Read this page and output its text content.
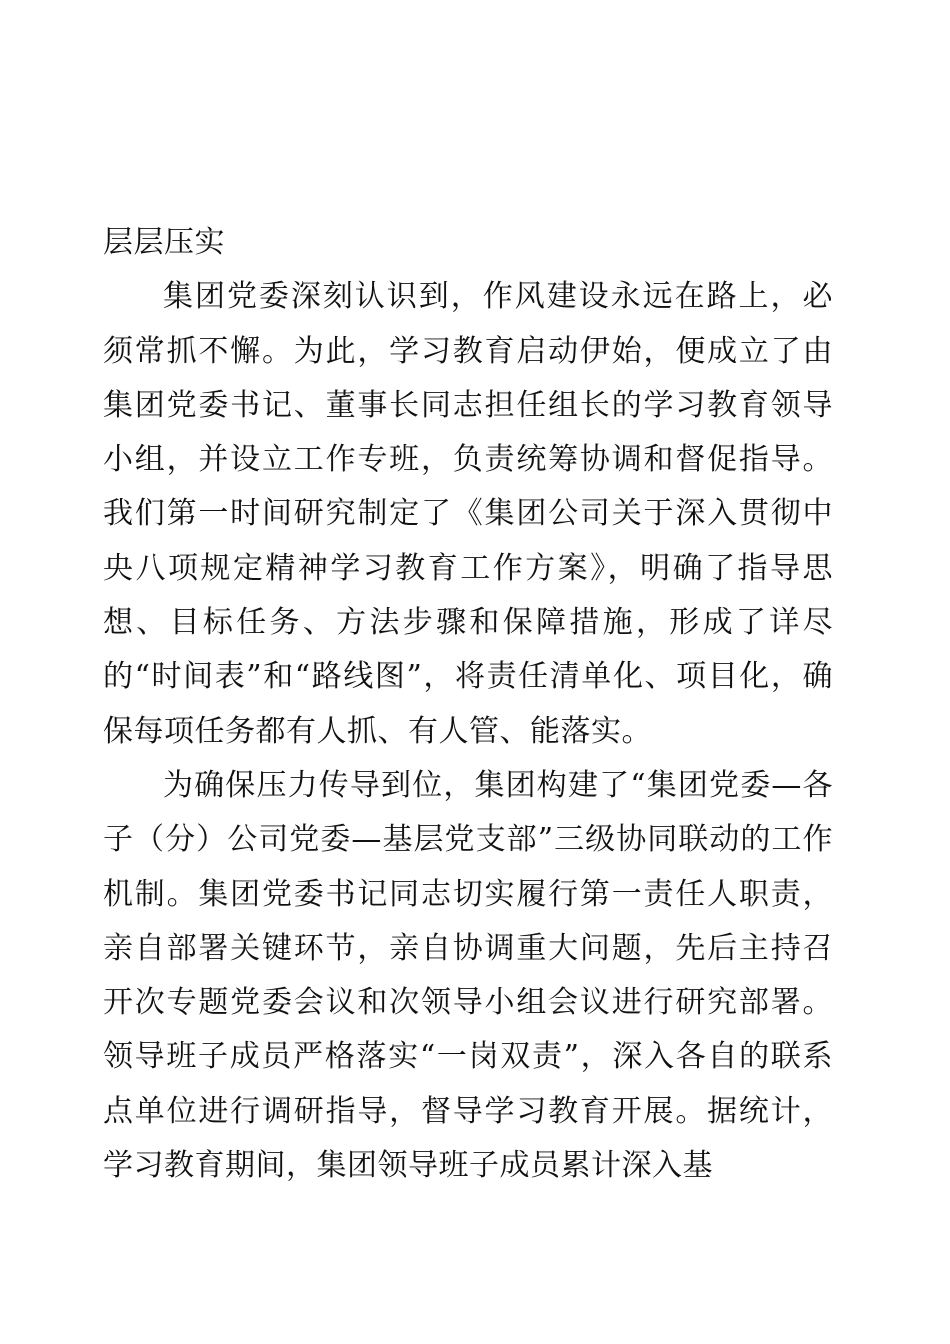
层层压实

集团党委深刻认识到，作风建设永远在路上，必须常抓不懈。为此，学习教育启动伊始，便成立了由集团党委书记、董事长同志担任组长的学习教育领导小组，并设立工作专班，负责统筹协调和督促指导。我们第一时间研究制定了《集团公司关于深入贯彻中央八项规定精神学习教育工作方案》，明确了指导思想、目标任务、方法步骤和保障措施，形成了详尽的“时间表”和“路线图”，将责任清单化、项目化，确保每项任务都有人抓、有人管、能落实。

为确保压力传导到位，集团构建了“集团党委—各子（分）公司党委—基层党支部”三级协同联动的工作机制。集团党委书记同志切实履行第一责任人职责，亲自部署关键环节，亲自协调重大问题，先后主持召开次专题党委会议和次领导小组会议进行研究部署。领导班子成员严格落实“一岗双责”，深入各自的联系点单位进行调研指导，督导学习教育开展。据统计，学习教育期间，集团领导班子成员累计深入基
